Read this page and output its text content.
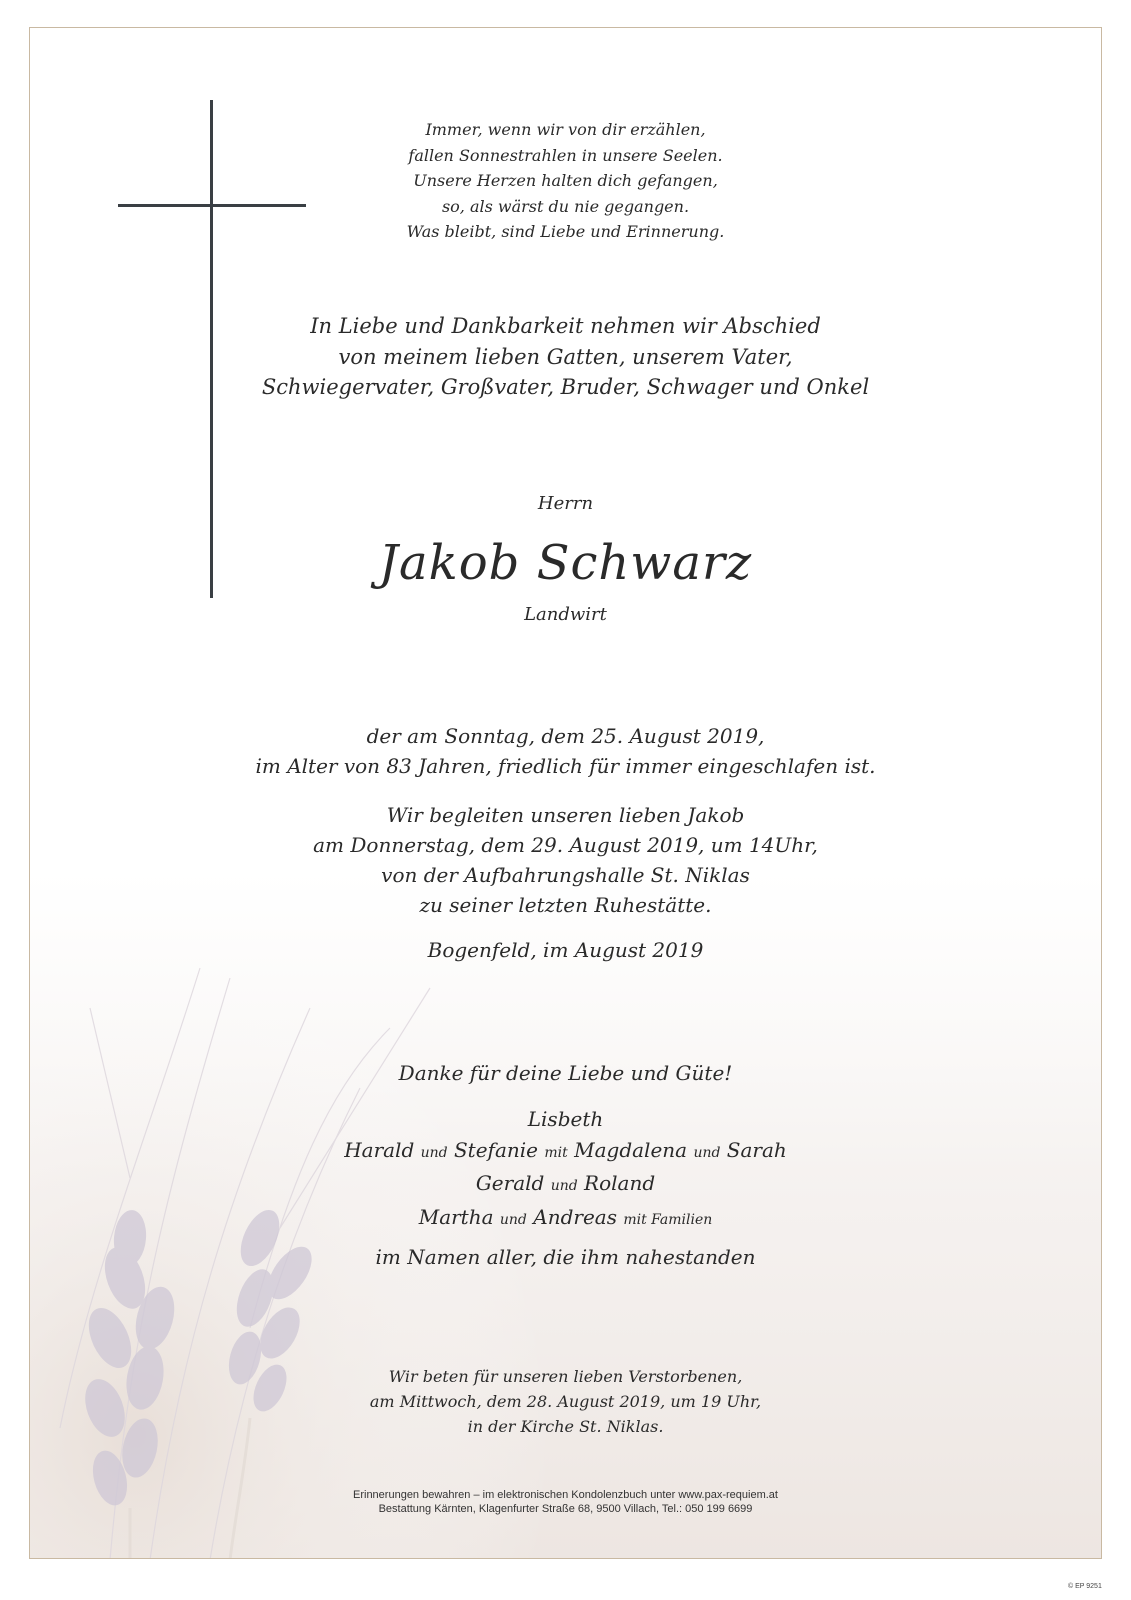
Immer, wenn wir von dir erzählen,
fallen Sonnestrahlen in unsere Seelen.
Unsere Herzen halten dich gefangen,
so, als wärst du nie gegangen.
Was bleibt, sind Liebe und Erinnerung.
In Liebe und Dankbarkeit nehmen wir Abschied
von meinem lieben Gatten, unserem Vater,
Schwiegervater, Großvater, Bruder, Schwager und Onkel
Herrn
Jakob Schwarz
Landwirt
der am Sonntag, dem 25. August 2019,
im Alter von 83 Jahren, friedlich für immer eingeschlafen ist.
Wir begleiten unseren lieben Jakob
am Donnerstag, dem 29. August 2019, um 14Uhr,
von der Aufbahrungshalle St. Niklas
zu seiner letzten Ruhestätte.
Bogenfeld, im August 2019
Danke für deine Liebe und Güte!
Lisbeth
Harald und Stefanie mit Magdalena und Sarah
Gerald und Roland
Martha und Andreas mit Familien
im Namen aller, die ihm nahestanden
Wir beten für unseren lieben Verstorbenen,
am Mittwoch, dem 28. August 2019, um 19 Uhr,
in der Kirche St. Niklas.
Erinnerungen bewahren – im elektronischen Kondolenzbuch unter www.pax-requiem.at
Bestattung Kärnten, Klagenfurter Straße 68, 9500 Villach, Tel.: 050 199 6699
© EP 9251
